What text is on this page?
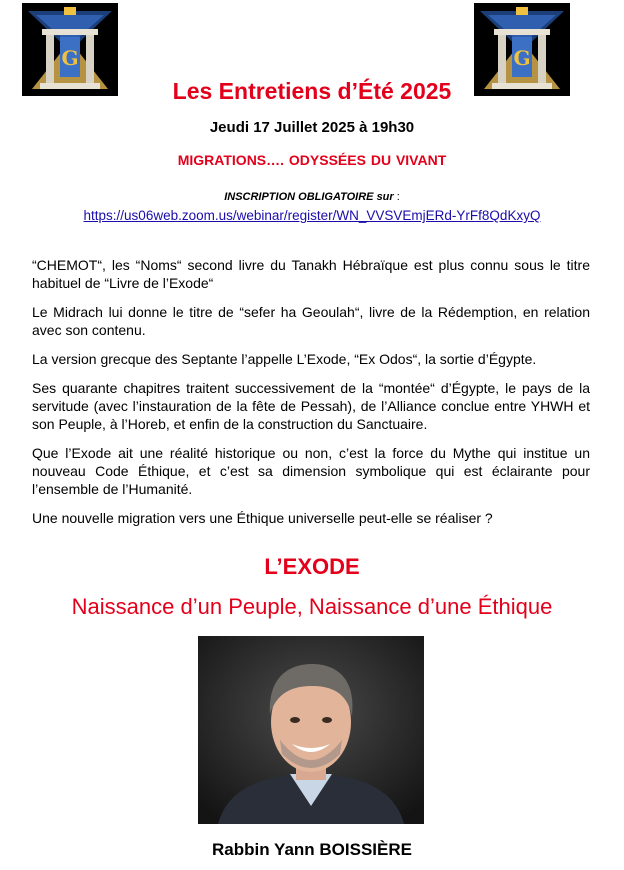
G	G
Les Entretiens d’Été 2025
Jeudi 17 Juillet 2025 à 19h30
MIGRATIONS…. ODYSSÉES DU VIVANT
INSCRIPTION OBLIGATOIRE sur :
https://us06web.zoom.us/webinar/register/WN_VVSVEmjERd-YrFf8QdKxyQ

“CHEMOT“, les “Noms“ second livre du Tanakh Hébraïque est plus connu sous le titre habituel de “Livre de l’Exode“

Le Midrach lui donne le titre de “sefer ha Geoulah“, livre de la Rédemption, en relation avec son contenu.

La version grecque des Septante l’appelle L’Exode, “Ex Odos“, la sortie d’Égypte.

Ses quarante chapitres traitent successivement de la “montée“ d’Égypte, le pays de la servitude (avec l’instauration de la fête de Pessah), de l’Alliance conclue entre YHWH et son Peuple, à l’Horeb, et enfin de la construction du Sanctuaire.

Que l’Exode ait une réalité historique ou non, c’est la force du Mythe qui institue un nouveau Code Éthique, et c’est sa dimension symbolique qui est éclairante pour l’ensemble de l’Humanité.

Une nouvelle migration vers une Éthique universelle peut-elle se réaliser ?

L’EXODE
Naissance d’un Peuple, Naissance d’une Éthique
Rabbin Yann BOISSIÈRE
